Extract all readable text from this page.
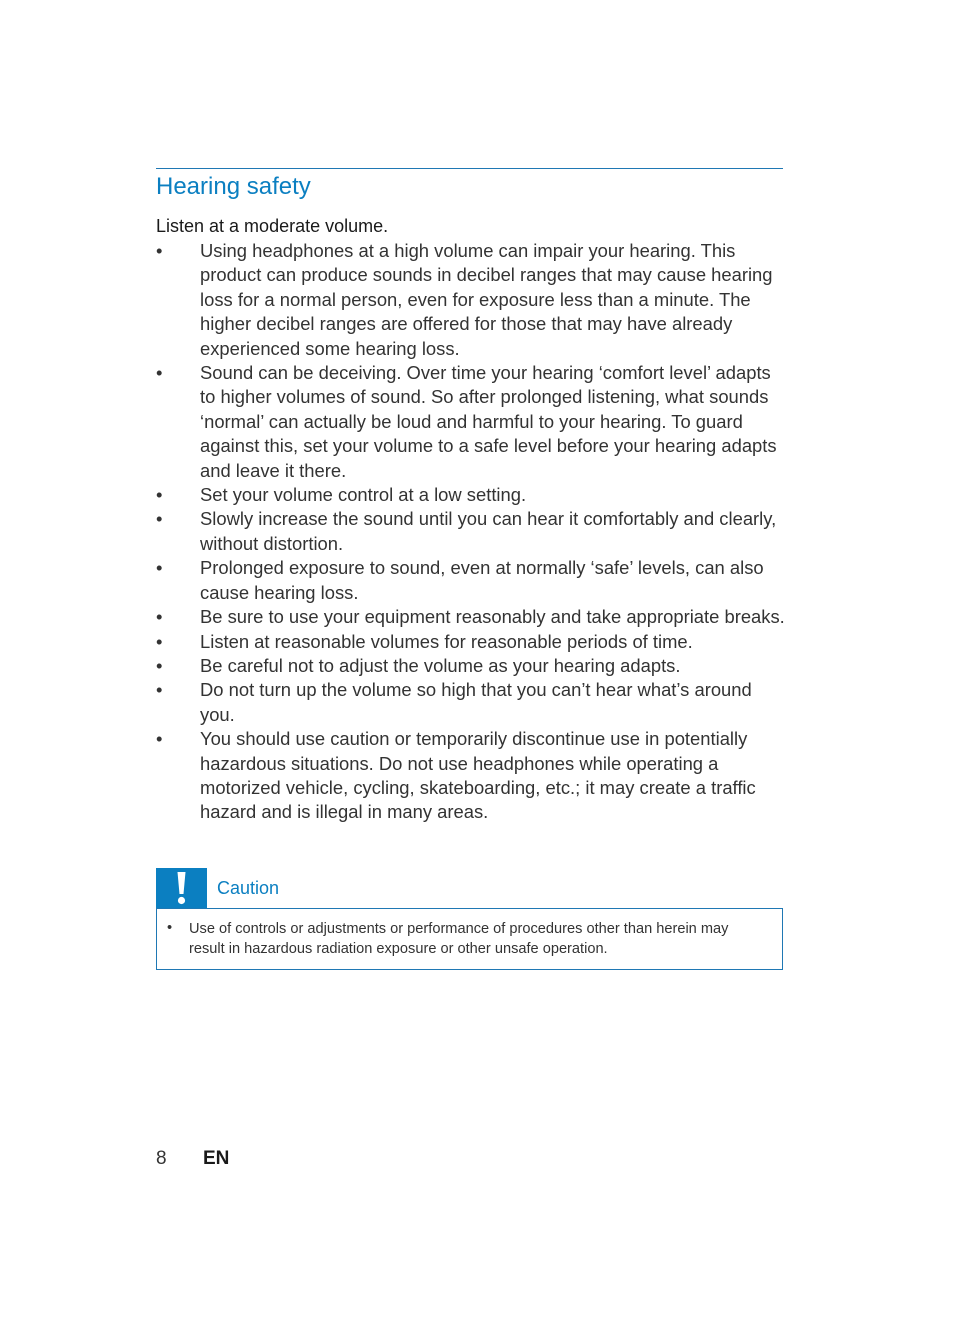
Hearing safety
Listen at a moderate volume.
• Using headphones at a high volume can impair your hearing. This product can produce sounds in decibel ranges that may cause hearing loss for a normal person, even for exposure less than a minute. The higher decibel ranges are offered for those that may have already experienced some hearing loss.
• Sound can be deceiving. Over time your hearing ‘comfort level’ adapts to higher volumes of sound. So after prolonged listening, what sounds ‘normal’ can actually be loud and harmful to your hearing. To guard against this, set your volume to a safe level before your hearing adapts and leave it there.
• Set your volume control at a low setting.
• Slowly increase the sound until you can hear it comfortably and clearly, without distortion.
• Prolonged exposure to sound, even at normally ‘safe’ levels, can also cause hearing loss.
• Be sure to use your equipment reasonably and take appropriate breaks.
• Listen at reasonable volumes for reasonable periods of time.
• Be careful not to adjust the volume as your hearing adapts.
• Do not turn up the volume so high that you can’t hear what’s around you.
• You should use caution or temporarily discontinue use in potentially hazardous situations. Do not use headphones while operating a motorized vehicle, cycling, skateboarding, etc.; it may create a traffic hazard and is illegal in many areas.
Caution
• Use of controls or adjustments or performance of procedures other than herein may result in hazardous radiation exposure or other unsafe operation.
8 EN
